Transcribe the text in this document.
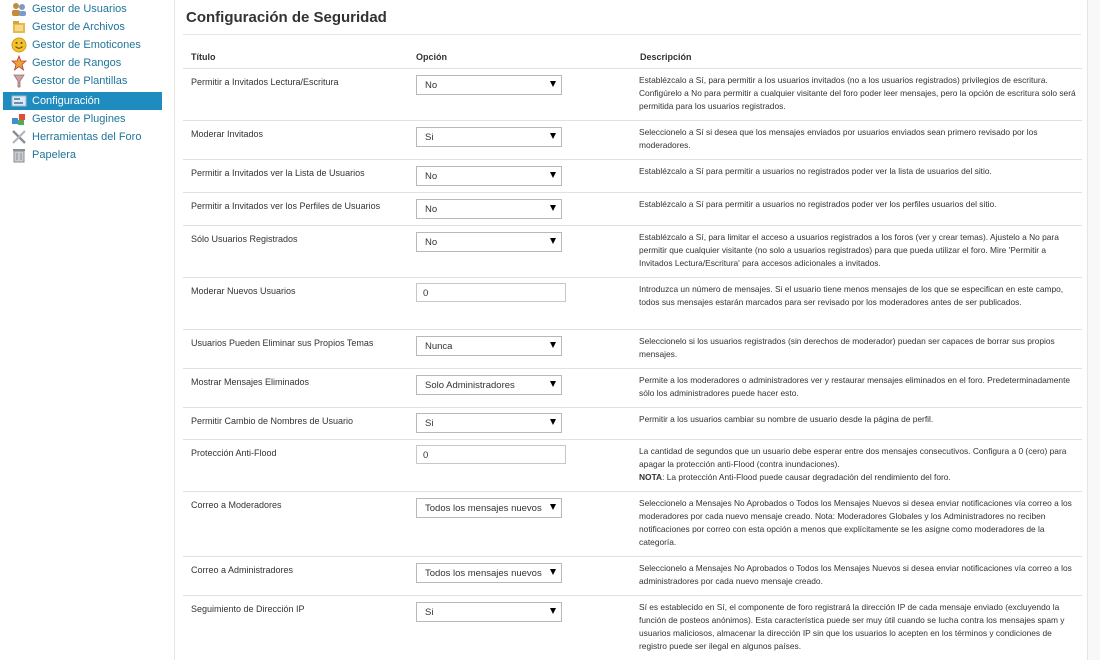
Gestor de Usuarios
Gestor de Archivos
Gestor de Emoticones
Gestor de Rangos
Gestor de Plantillas
Configuración
Gestor de Plugines
Herramientas del Foro
Papelera
Configuración de Seguridad
Título	Opción	Descripción
Permitir a Invitados Lectura/Escritura	No	Establézcalo a Sí, para permitir a los usuarios invitados (no a los usuarios registrados) privilegios de escritura. Configúrelo a No para permitir a cualquier visitante del foro poder leer mensajes, pero la opción de escritura solo será permitida para los usuarios registrados.
Moderar Invitados	Si	Seleccionelo a Sí si desea que los mensajes enviados por usuarios enviados sean primero revisado por los moderadores.
Permitir a Invitados ver la Lista de Usuarios	No	Establézcalo a Sí para permitir a usuarios no registrados poder ver la lista de usuarios del sitio.
Permitir a Invitados ver los Perfiles de Usuarios	No	Establézcalo a Sí para permitir a usuarios no registrados poder ver los perfiles usuarios del sitio.
Sólo Usuarios Registrados	No	Establézcalo a Sí, para limitar el acceso a usuarios registrados a los foros (ver y crear temas). Ajustelo a No para permitir que cualquier visitante (no solo a usuarios registrados) para que pueda utilizar el foro. Mire 'Permitir a Invitados Lectura/Escritura' para accesos adicionales a invitados.
Moderar Nuevos Usuarios	0	Introduzca un número de mensajes. Si el usuario tiene menos mensajes de los que se especifican en este campo, todos sus mensajes estarán marcados para ser revisado por los moderadores antes de ser publicados.
Usuarios Pueden Eliminar sus Propios Temas	Nunca	Seleccionelo si los usuarios registrados (sin derechos de moderador) puedan ser capaces de borrar sus propios mensajes.
Mostrar Mensajes Eliminados	Solo Administradores	Permite a los moderadores o administradores ver y restaurar mensajes eliminados en el foro. Predeterminadamente sólo los administradores puede hacer esto.
Permitir Cambio de Nombres de Usuario	Si	Permitir a los usuarios cambiar su nombre de usuario desde la página de perfil.
Protección Anti-Flood	0	La cantidad de segundos que un usuario debe esperar entre dos mensajes consecutivos. Configura a 0 (cero) para apagar la protección anti-Flood (contra inundaciones).
NOTA: La protección Anti-Flood puede causar degradación del rendimiento del foro.
Correo a Moderadores	Todos los mensajes nuevos	Seleccionelo a Mensajes No Aprobados o Todos los Mensajes Nuevos si desea enviar notificaciones vía correo a los moderadores por cada nuevo mensaje creado. Nota: Moderadores Globales y los Administradores no reciben notificaciones por correo con esta opción a menos que explícitamente se les asigne como moderadores de la categoría.
Correo a Administradores	Todos los mensajes nuevos	Seleccionelo a Mensajes No Aprobados o Todos los Mensajes Nuevos si desea enviar notificaciones vía correo a los administradores por cada nuevo mensaje creado.
Seguimiento de Dirección IP	Si	Sí es establecido en Sí, el componente de foro registrará la dirección IP de cada mensaje enviado (excluyendo la función de posteos anónimos). Esta característica puede ser muy útil cuando se lucha contra los mensajes spam y usuarios maliciosos, almacenar la dirección IP sin que los usuarios lo acepten en los términos y condiciones de registro puede ser ilegal en algunos países.
